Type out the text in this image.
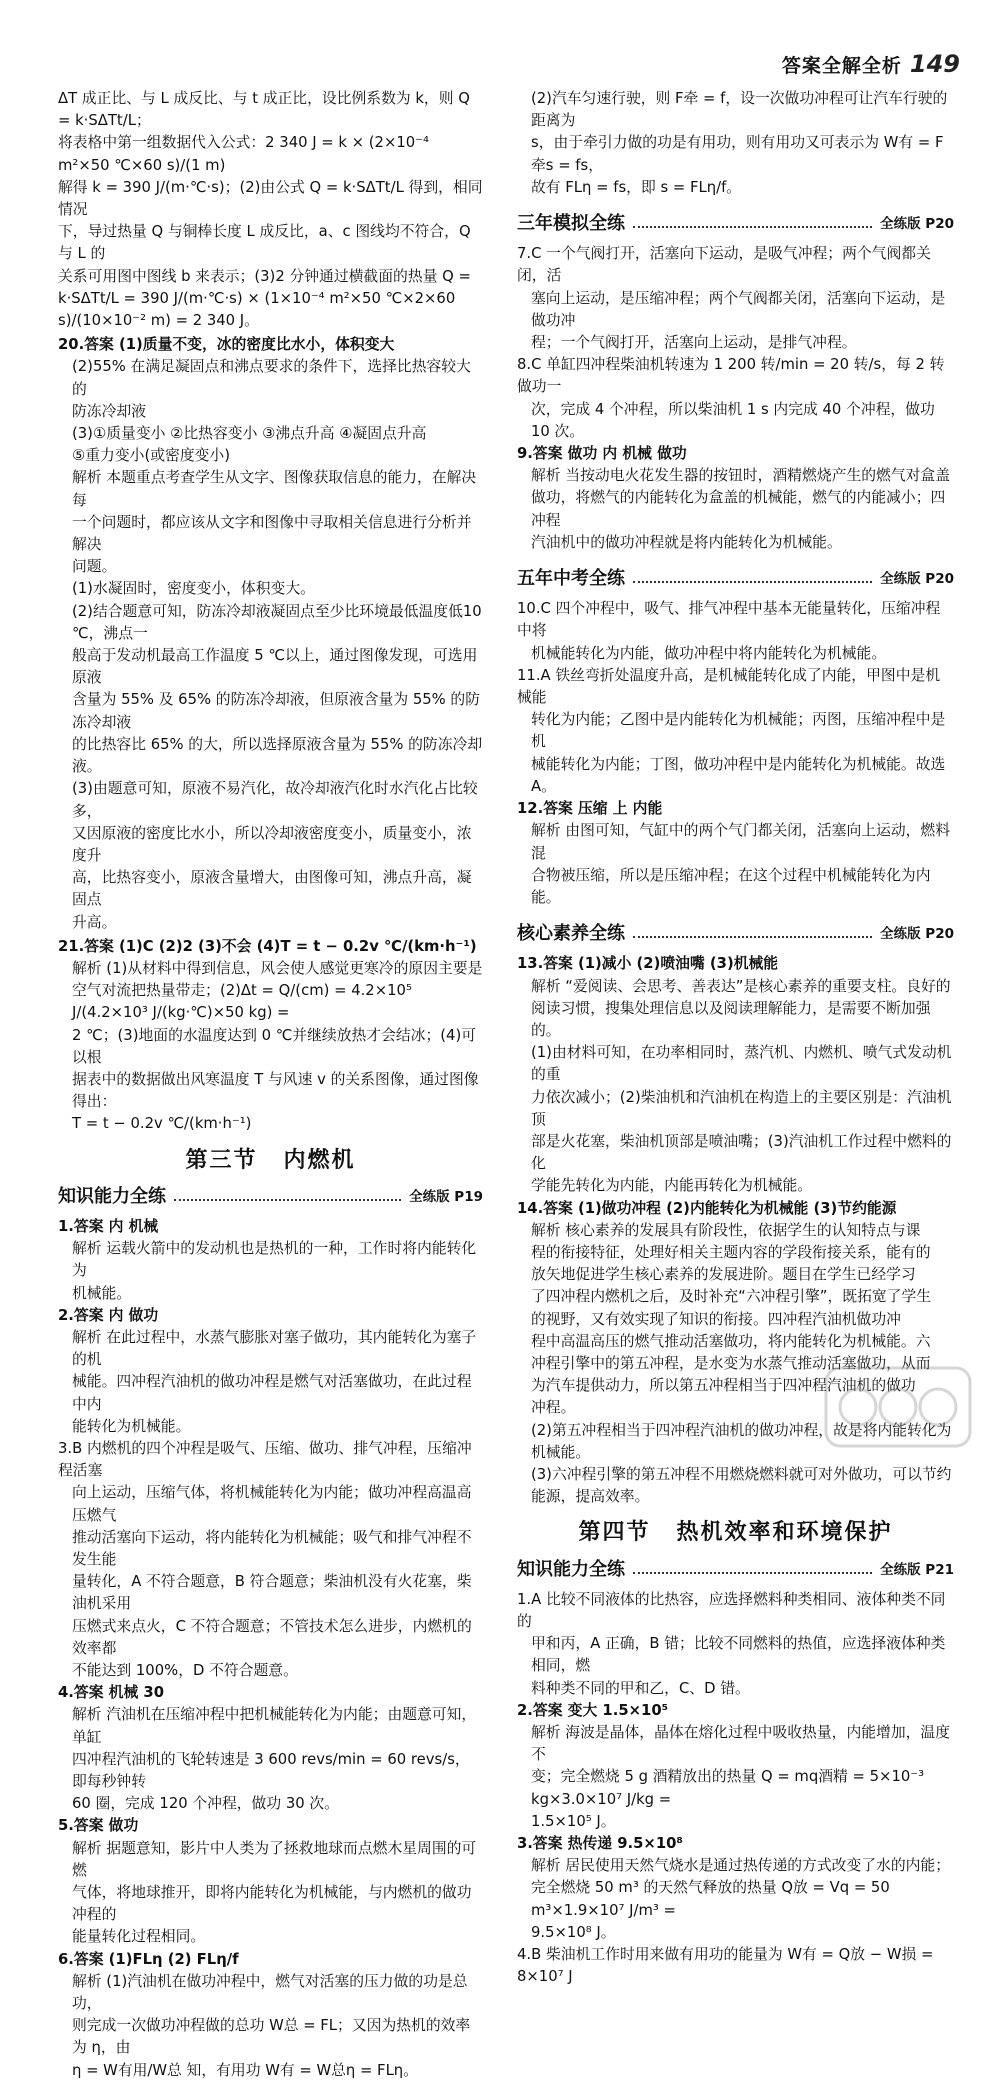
答案全解全析 149

ΔT 成正比、与 L 成反比、与 t 成正比，设比例系数为 k，则 Q = k·SΔTt/L；

将表格中第一组数据代入公式：2 340 J = k × (2×10⁻⁴ m²×50 ℃×60 s)/(1 m)

解得 k = 390 J/(m·℃·s)；(2)由公式 Q = k·SΔTt/L 得到，相同情况

下，导过热量 Q 与铜棒长度 L 成反比，a、c 图线均不符合，Q 与 L 的

关系可用图中图线 b 来表示；(3)2 分钟通过横截面的热量 Q =

k·SΔTt/L = 390 J/(m·℃·s) × (1×10⁻⁴ m²×50 ℃×2×60 s)/(10×10⁻² m) = 2 340 J。

20.答案 (1)质量不变，冰的密度比水小，体积变大

(2)55% 在满足凝固点和沸点要求的条件下，选择比热容较大的

防冻冷却液

(3)①质量变小 ②比热容变小 ③沸点升高 ④凝固点升高

⑤重力变小(或密度变小)

解析 本题重点考查学生从文字、图像获取信息的能力，在解决每

一个问题时，都应该从文字和图像中寻取相关信息进行分析并解决

问题。

(1)水凝固时，密度变小，体积变大。

(2)结合题意可知，防冻冷却液凝固点至少比环境最低温度低10 ℃，沸点一

般高于发动机最高工作温度 5 ℃以上，通过图像发现，可选用原液

含量为 55% 及 65% 的防冻冷却液，但原液含量为 55% 的防冻冷却液

的比热容比 65% 的大，所以选择原液含量为 55% 的防冻冷却液。

(3)由题意可知，原液不易汽化，故冷却液汽化时水汽化占比较多，

又因原液的密度比水小，所以冷却液密度变小，质量变小，浓度升

高，比热容变小，原液含量增大，由图像可知，沸点升高，凝固点

升高。

21.答案 (1)C (2)2 (3)不会 (4)T = t − 0.2v ℃/(km·h⁻¹)

解析 (1)从材料中得到信息，风会使人感觉更寒冷的原因主要是

空气对流把热量带走；(2)Δt = Q/(cm) = 4.2×10⁵ J/(4.2×10³ J/(kg·℃)×50 kg) =

2 ℃；(3)地面的水温度达到 0 ℃并继续放热才会结冰；(4)可以根

据表中的数据做出风寒温度 T 与风速 v 的关系图像，通过图像得出：

T = t − 0.2v ℃/(km·h⁻¹)

第三节 内燃机
知识能力全练	全练版 P19

1.答案 内 机械

解析 运载火箭中的发动机也是热机的一种，工作时将内能转化为

机械能。

2.答案 内 做功

解析 在此过程中，水蒸气膨胀对塞子做功，其内能转化为塞子的机

械能。四冲程汽油机的做功冲程是燃气对活塞做功，在此过程中内

能转化为机械能。

3.B 内燃机的四个冲程是吸气、压缩、做功、排气冲程，压缩冲程活塞

向上运动，压缩气体，将机械能转化为内能；做功冲程高温高压燃气

推动活塞向下运动，将内能转化为机械能；吸气和排气冲程不发生能

量转化，A 不符合题意，B 符合题意；柴油机没有火花塞，柴油机采用

压燃式来点火，C 不符合题意；不管技术怎么进步，内燃机的效率都

不能达到 100%，D 不符合题意。

4.答案 机械 30

解析 汽油机在压缩冲程中把机械能转化为内能；由题意可知，单缸

四冲程汽油机的飞轮转速是 3 600 revs/min = 60 revs/s，即每秒钟转

60 圈，完成 120 个冲程，做功 30 次。

5.答案 做功

解析 据题意知，影片中人类为了拯救地球而点燃木星周围的可燃

气体，将地球推开，即将内能转化为机械能，与内燃机的做功冲程的

能量转化过程相同。

6.答案 (1)FLη (2) FLη/f

解析 (1)汽油机在做功冲程中，燃气对活塞的压力做的功是总功，

则完成一次做功冲程做的总功 W总 = FL；又因为热机的效率为 η，由

η = W有用/W总 知，有用功 W有 = W总η = FLη。

(2)汽车匀速行驶，则 F牵 = f，设一次做功冲程可让汽车行驶的距离为

s，由于牵引力做的功是有用功，则有用功又可表示为 W有 = F牵s = fs，

故有 FLη = fs，即 s = FLη/f。

三年模拟全练	全练版 P20

7.C 一个气阀打开，活塞向下运动，是吸气冲程；两个气阀都关闭，活

塞向上运动，是压缩冲程；两个气阀都关闭，活塞向下运动，是做功冲

程；一个气阀打开，活塞向上运动，是排气冲程。

8.C 单缸四冲程柴油机转速为 1 200 转/min = 20 转/s，每 2 转做功一

次，完成 4 个冲程，所以柴油机 1 s 内完成 40 个冲程，做功 10 次。

9.答案 做功 内 机械 做功

解析 当按动电火花发生器的按钮时，酒精燃烧产生的燃气对盒盖

做功，将燃气的内能转化为盒盖的机械能，燃气的内能减小；四冲程

汽油机中的做功冲程就是将内能转化为机械能。

五年中考全练	全练版 P20

10.C 四个冲程中，吸气、排气冲程中基本无能量转化，压缩冲程中将

机械能转化为内能，做功冲程中将内能转化为机械能。

11.A 铁丝弯折处温度升高，是机械能转化成了内能，甲图中是机械能

转化为内能；乙图中是内能转化为机械能；丙图，压缩冲程中是机

械能转化为内能；丁图，做功冲程中是内能转化为机械能。故选 A。

12.答案 压缩 上 内能

解析 由图可知，气缸中的两个气门都关闭，活塞向上运动，燃料混

合物被压缩，所以是压缩冲程；在这个过程中机械能转化为内能。

核心素养全练	全练版 P20

13.答案 (1)减小 (2)喷油嘴 (3)机械能

解析 “爱阅读、会思考、善表达”是核心素养的重要支柱。良好的

阅读习惯，搜集处理信息以及阅读理解能力，是需要不断加强的。

(1)由材料可知，在功率相同时，蒸汽机、内燃机、喷气式发动机的重

力依次减小；(2)柴油机和汽油机在构造上的主要区别是：汽油机顶

部是火花塞，柴油机顶部是喷油嘴；(3)汽油机工作过程中燃料的化

学能先转化为内能，内能再转化为机械能。

14.答案 (1)做功冲程 (2)内能转化为机械能 (3)节约能源

解析 核心素养的发展具有阶段性，依据学生的认知特点与课

程的衔接特征，处理好相关主题内容的学段衔接关系，能有的

放矢地促进学生核心素养的发展进阶。题目在学生已经学习

了四冲程内燃机之后，及时补充“六冲程引擎”，既拓宽了学生

的视野，又有效实现了知识的衔接。四冲程汽油机做功冲

程中高温高压的燃气推动活塞做功，将内能转化为机械能。六

冲程引擎中的第五冲程，是水变为水蒸气推动活塞做功，从而

为汽车提供动力，所以第五冲程相当于四冲程汽油机的做功

冲程。

(2)第五冲程相当于四冲程汽油机的做功冲程，故是将内能转化为

机械能。

(3)六冲程引擎的第五冲程不用燃烧燃料就可对外做功，可以节约

能源，提高效率。

第四节 热机效率和环境保护
知识能力全练	全练版 P21

1.A 比较不同液体的比热容，应选择燃料种类相同、液体种类不同的

甲和丙，A 正确，B 错；比较不同燃料的热值，应选择液体种类相同，燃

料种类不同的甲和乙，C、D 错。

2.答案 变大 1.5×10⁵

解析 海波是晶体，晶体在熔化过程中吸收热量，内能增加，温度不

变；完全燃烧 5 g 酒精放出的热量 Q = mq酒精 = 5×10⁻³ kg×3.0×10⁷ J/kg =

1.5×10⁵ J。

3.答案 热传递 9.5×10⁸

解析 居民使用天然气烧水是通过热传递的方式改变了水的内能；

完全燃烧 50 m³ 的天然气释放的热量 Q放 = Vq = 50 m³×1.9×10⁷ J/m³ =

9.5×10⁸ J。

4.B 柴油机工作时用来做有用功的能量为 W有 = Q放 − W损 = 8×10⁷ J
